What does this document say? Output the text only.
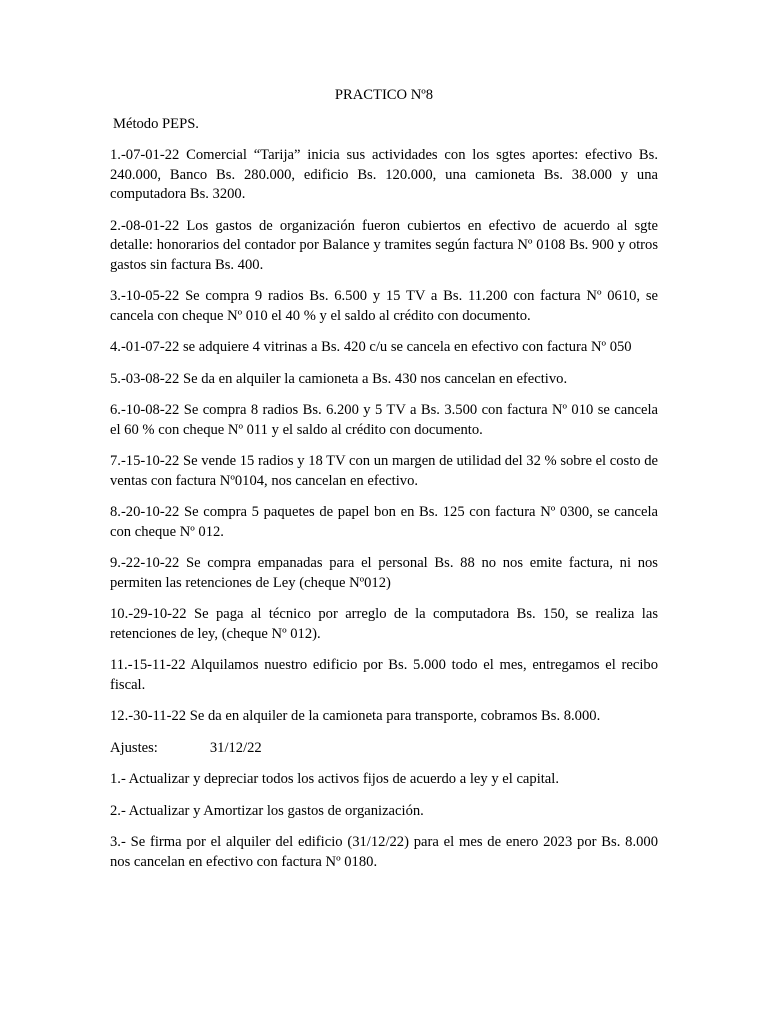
PRACTICO Nº8
Método PEPS.
1.-07-01-22 Comercial “Tarija” inicia sus actividades con los sgtes aportes: efectivo Bs. 240.000, Banco Bs. 280.000, edificio Bs. 120.000, una camioneta Bs. 38.000 y una computadora Bs. 3200.
2.-08-01-22 Los gastos de organización fueron cubiertos en efectivo de acuerdo al sgte detalle: honorarios del contador por Balance y tramites según factura Nº 0108 Bs. 900 y otros gastos sin factura Bs. 400.
3.-10-05-22 Se compra 9 radios Bs. 6.500 y 15 TV a Bs. 11.200 con factura Nº 0610, se cancela con cheque Nº 010 el 40 % y el saldo al crédito con documento.
4.-01-07-22 se adquiere 4 vitrinas a Bs. 420 c/u se cancela en efectivo con factura Nº 050
5.-03-08-22 Se da en alquiler la camioneta a Bs. 430 nos cancelan en efectivo.
6.-10-08-22 Se compra 8 radios Bs. 6.200 y 5 TV a Bs. 3.500 con factura Nº 010 se cancela el 60 % con cheque Nº 011 y el saldo al crédito con documento.
7.-15-10-22 Se vende 15 radios y 18 TV con un margen de utilidad del 32 % sobre el costo de ventas con factura Nº0104, nos cancelan en efectivo.
8.-20-10-22 Se compra 5 paquetes de papel bon en Bs. 125 con factura Nº 0300, se cancela con cheque Nº 012.
9.-22-10-22 Se compra empanadas para el personal Bs. 88 no nos emite factura, ni nos permiten las retenciones de Ley (cheque Nº012)
10.-29-10-22 Se paga al técnico por arreglo de la computadora Bs. 150, se realiza las retenciones de ley, (cheque Nº 012).
11.-15-11-22 Alquilamos nuestro edificio por Bs. 5.000 todo el mes, entregamos el recibo fiscal.
12.-30-11-22 Se da en alquiler de la camioneta para transporte, cobramos Bs. 8.000.
Ajustes:	31/12/22
1.- Actualizar y depreciar todos los activos fijos de acuerdo a ley y el capital.
2.- Actualizar y Amortizar los gastos de organización.
3.- Se firma por el alquiler del edificio (31/12/22) para el mes de enero 2023 por Bs. 8.000 nos cancelan en efectivo con factura Nº 0180.
